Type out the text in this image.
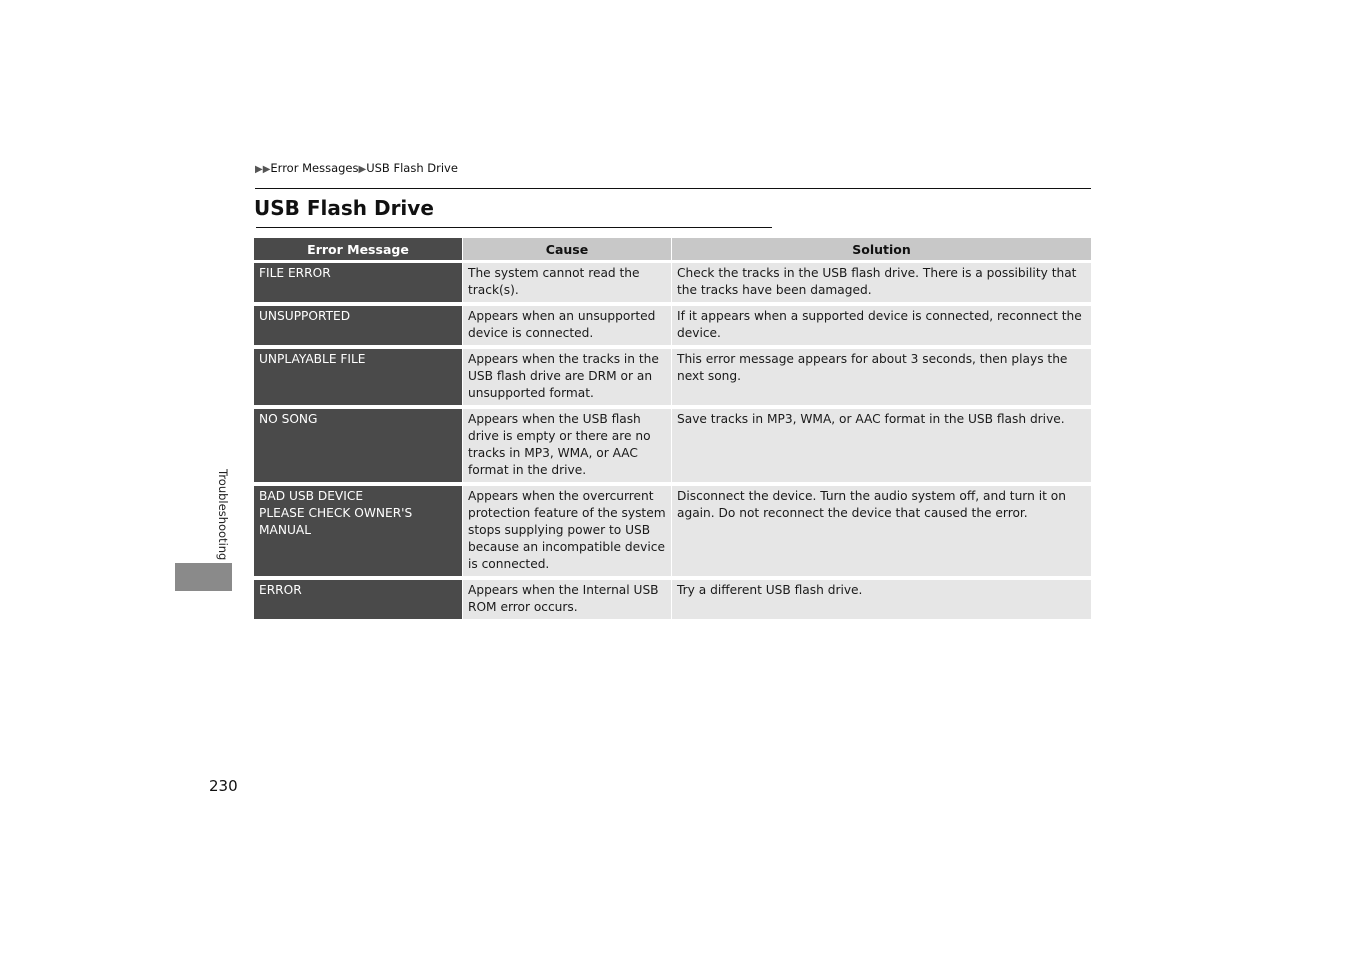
▶▶Error Messages▶USB Flash Drive
USB Flash Drive
Error Message	Cause	Solution

FILE ERROR	The system cannot read the track(s).	Check the tracks in the USB flash drive. There is a possibility that the tracks have been damaged.

UNSUPPORTED	Appears when an unsupported device is connected.	If it appears when a supported device is connected, reconnect the device.

UNPLAYABLE FILE	Appears when the tracks in the USB flash drive are DRM or an unsupported format.	This error message appears for about 3 seconds, then plays the next song.

NO SONG	Appears when the USB flash drive is empty or there are no tracks in MP3, WMA, or AAC format in the drive.	Save tracks in MP3, WMA, or AAC format in the USB flash drive.

BAD USB DEVICE
PLEASE CHECK OWNER'S
MANUAL	Appears when the overcurrent protection feature of the system stops supplying power to USB because an incompatible device is connected.	Disconnect the device. Turn the audio system off, and turn it on again. Do not reconnect the device that caused the error.

ERROR	Appears when the Internal USB ROM error occurs.	Try a different USB flash drive.
Troubleshooting
230
